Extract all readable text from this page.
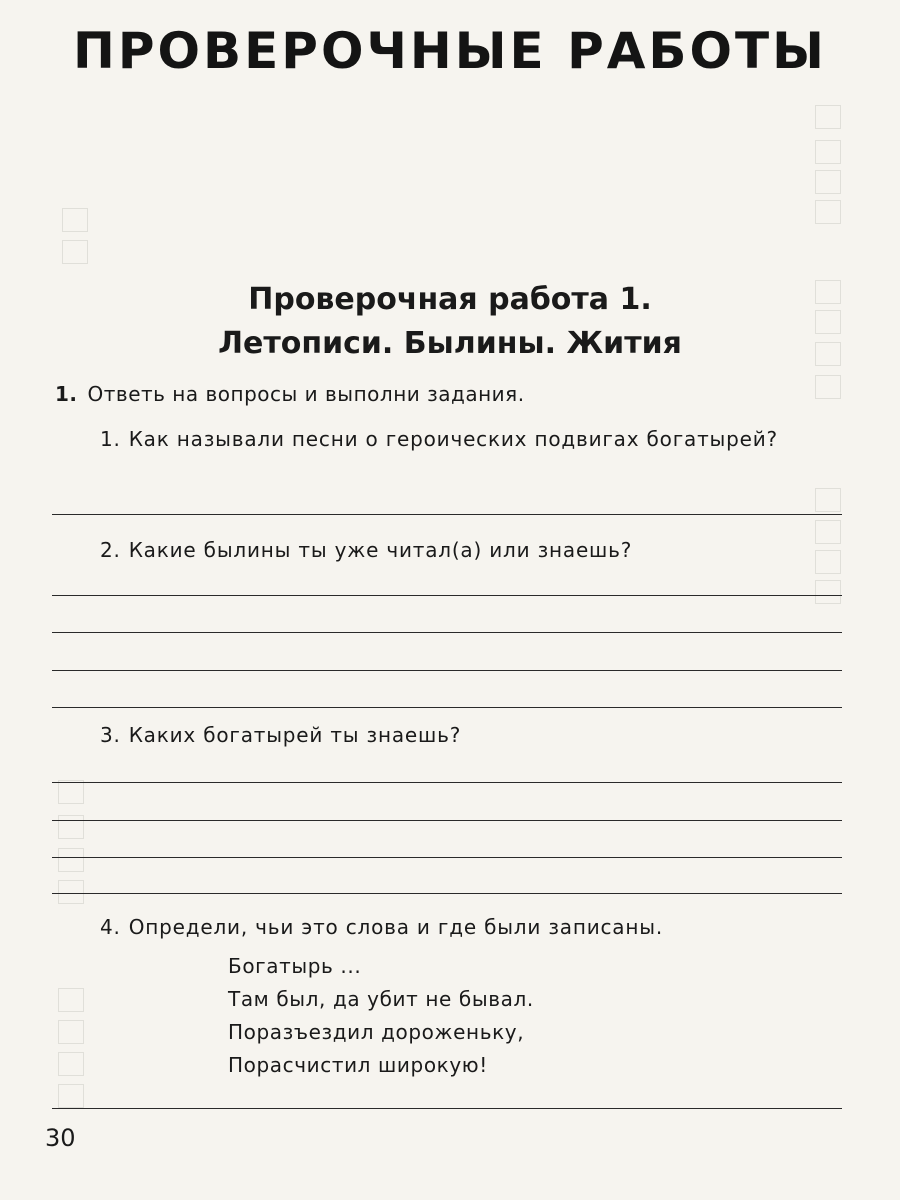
ПРОВЕРОЧНЫЕ РАБОТЫ
Проверочная работа 1.
Летописи. Былины. Жития
1. Ответь на вопросы и выполни задания.
1. Как называли песни о героических подвигах богатырей?
2. Какие былины ты уже читал(а) или знаешь?
3. Каких богатырей ты знаешь?
4. Определи, чьи это слова и где были записаны.
Богатырь ...
Там был, да убит не бывал.
Поразъездил дороженьку,
Порасчистил широкую!
30
